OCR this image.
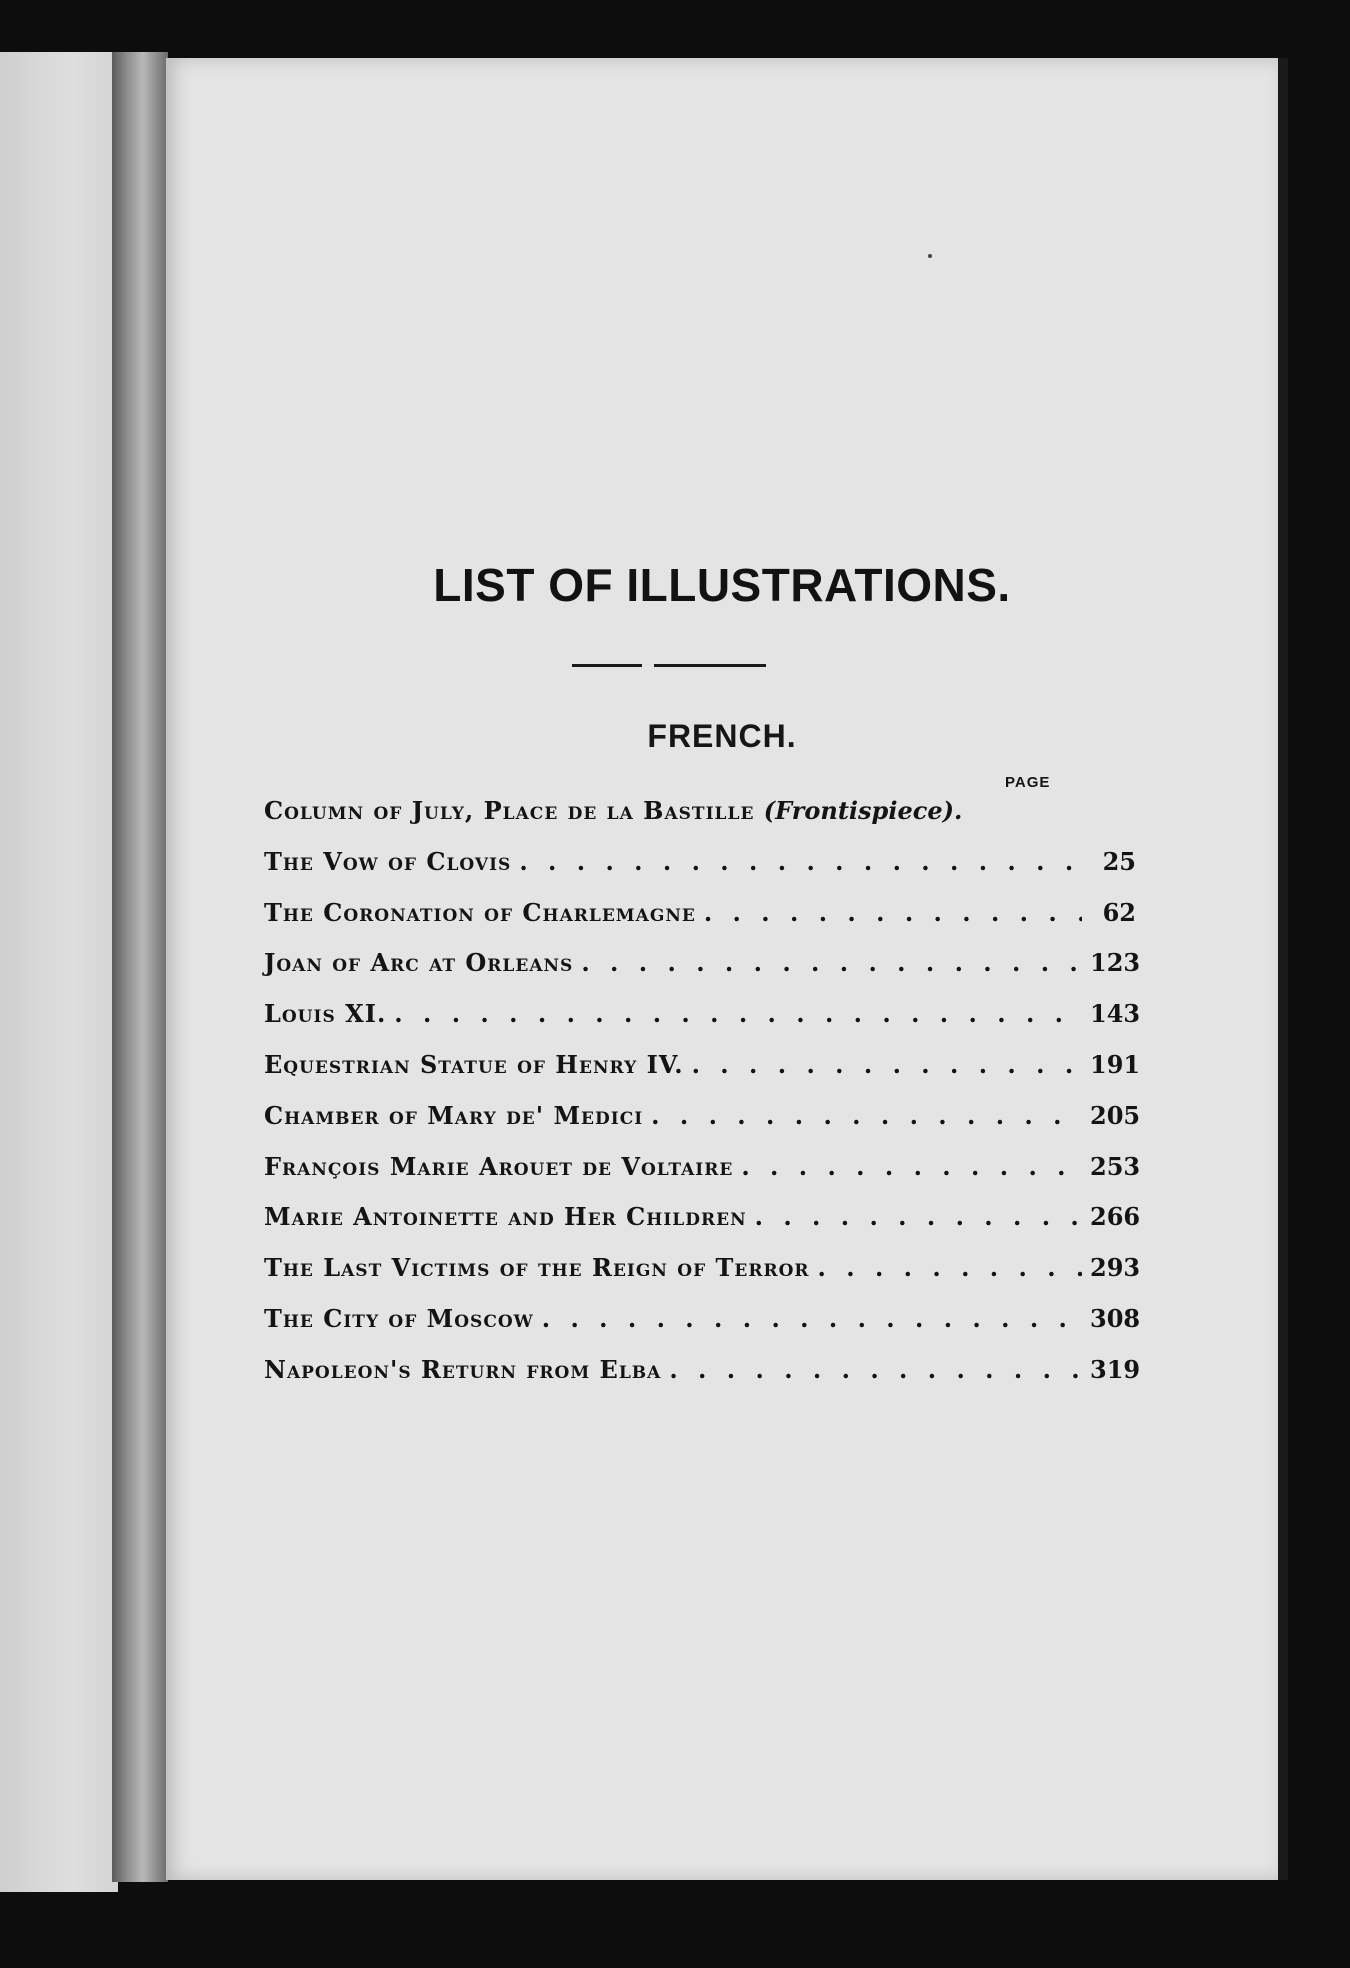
LIST OF ILLUSTRATIONS.
FRENCH.
PAGE
Column of July, Place de la Bastille
(Frontispiece).
The Vow of Clovis . . .	25
The Coronation of Charlemagne . . .	62
Joan of Arc at Orleans . . .	123
Louis XI. . . .	143
Equestrian Statue of Henry IV. . . .	191
Chamber of Mary de' Medici . . .	205
François Marie Arouet de Voltaire . . .	253
Marie Antoinette and Her Children . . .	266
The Last Victims of the Reign of Terror . . .	293
The City of Moscow . . .	308
Napoleon's Return from Elba . . .	319
